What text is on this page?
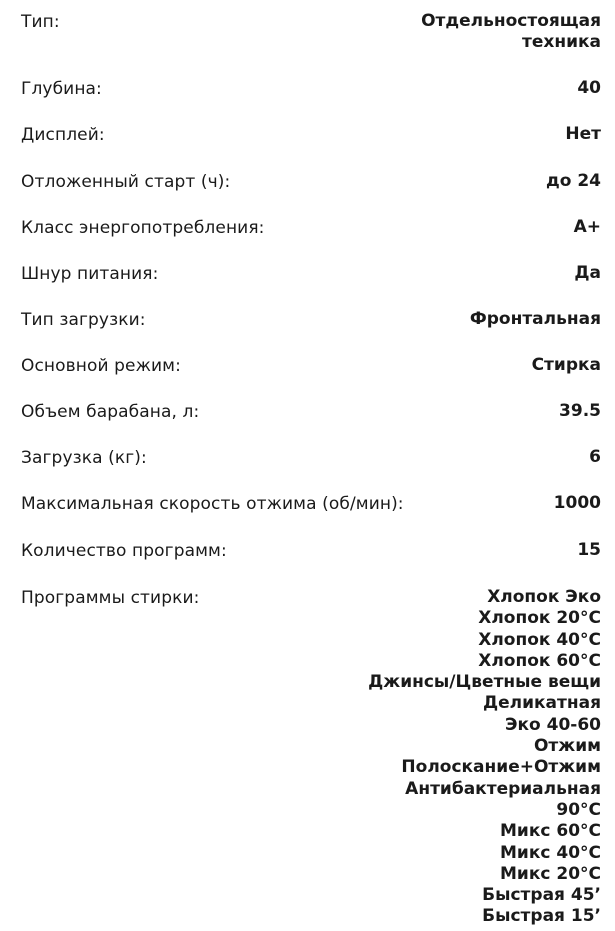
Тип:	Отдельностоящая
техника
Глубина:	40
Дисплей:	Нет
Отложенный старт (ч):	до 24
Класс энергопотребления:	A+
Шнур питания:	Да
Тип загрузки:	Фронтальная
Основной режим:	Стирка
Объем барабана, л:	39.5
Загрузка (кг):	6
Максимальная скорость отжима (об/мин):	1000
Количество программ:	15
Программы стирки:	Хлопок Эко
Хлопок 20°C
Хлопок 40°C
Хлопок 60°C
Джинсы/Цветные вещи
Деликатная
Эко 40-60
Отжим
Полоскание+Отжим
Антибактериальная
90°C
Микс 60°C
Микс 40°C
Микс 20°C
Быстрая 45’
Быстрая 15’
